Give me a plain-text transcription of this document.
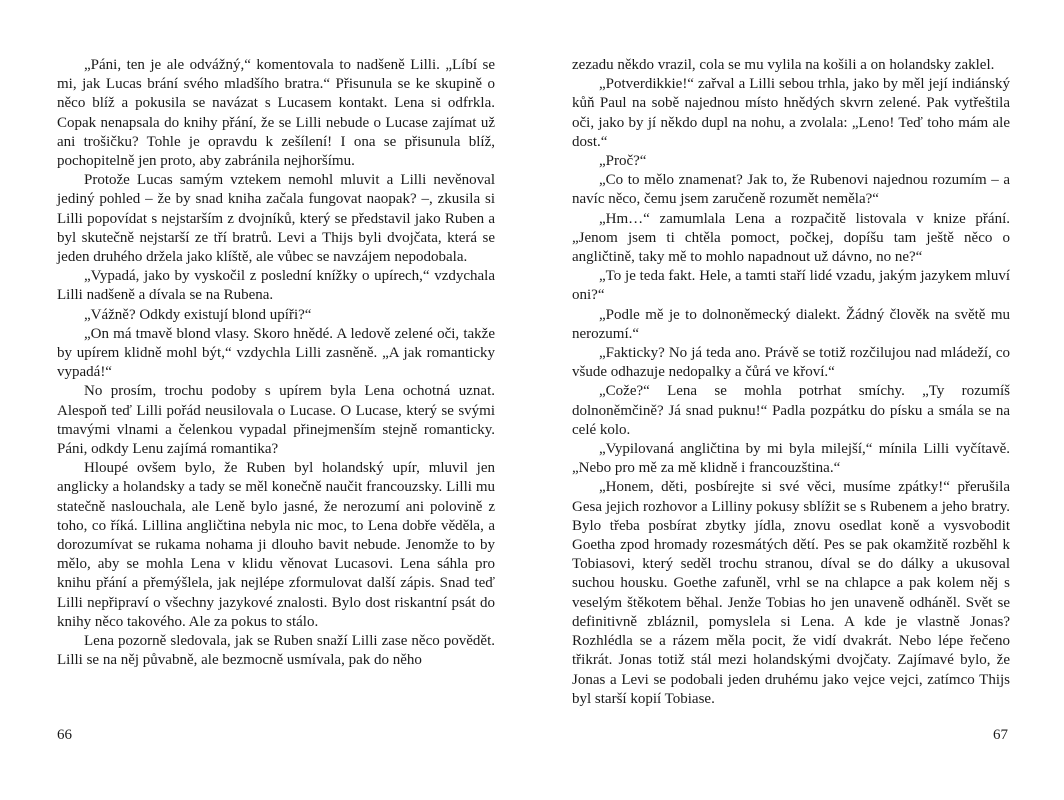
„Páni, ten je ale odvážný,“ komentovala to nadšeně Lilli. „Líbí se mi, jak Lucas brání svého mladšího bratra.“ Přisunula se ke skupině o něco blíž a pokusila se navázat s Lucasem kontakt. Lena si odfrkla. Copak nenapsala do knihy přání, že se Lilli nebude o Lucase zajímat už ani trošičku? Tohle je opravdu k zešílení! I ona se přisunula blíž, pochopitelně jen proto, aby zabránila nejhoršímu.

Protože Lucas samým vztekem nemohl mluvit a Lilli nevěnoval jediný pohled – že by snad kniha začala fungovat naopak? –, zkusila si Lilli popovídat s nejstarším z dvojníků, který se představil jako Ruben a byl skutečně nejstarší ze tří bratrů. Levi a Thijs byli dvojčata, která se jeden druhého držela jako klíště, ale vůbec se navzájem nepodobala.

„Vypadá, jako by vyskočil z poslední knížky o upírech,“ vzdychala Lilli nadšeně a dívala se na Rubena.

„Vážně? Odkdy existují blond upíři?“

„On má tmavě blond vlasy. Skoro hnědé. A ledově zelené oči, takže by upírem klidně mohl být,“ vzdychla Lilli zasněně. „A jak romanticky vypadá!“

No prosím, trochu podoby s upírem byla Lena ochotná uznat. Alespoň teď Lilli pořád neusilovala o Lucase. O Lucase, který se svými tmavými vlnami a čelenkou vypadal přinejmenším stejně romanticky. Páni, odkdy Lenu zajímá romantika?

Hloupé ovšem bylo, že Ruben byl holandský upír, mluvil jen anglicky a holandsky a tady se měl konečně naučit francouzsky. Lilli mu statečně naslouchala, ale Leně bylo jasné, že nerozumí ani polovině z toho, co říká. Lillina angličtina nebyla nic moc, to Lena dobře věděla, a dorozumívat se rukama nohama ji dlouho bavit nebude. Jenomže to by mělo, aby se mohla Lena v klidu věnovat Lucasovi. Lena sáhla pro knihu přání a přemýšlela, jak nejlépe zformulovat další zápis. Snad teď Lilli nepřipraví o všechny jazykové znalosti. Bylo dost riskantní psát do knihy něco takového. Ale za pokus to stálo.

Lena pozorně sledovala, jak se Ruben snaží Lilli zase něco povědět. Lilli se na něj půvabně, ale bezmocně usmívala, pak do něho

66

zezadu někdo vrazil, cola se mu vylila na košili a on holandsky zaklel.

„Potverdikkie!“ zařval a Lilli sebou trhla, jako by měl její indiánský kůň Paul na sobě najednou místo hnědých skvrn zelené. Pak vytřeštila oči, jako by jí někdo dupl na nohu, a zvolala: „Leno! Teď toho mám ale dost.“

„Proč?“

„Co to mělo znamenat? Jak to, že Rubenovi najednou rozumím – a navíc něco, čemu jsem zaručeně rozumět neměla?“

„Hm…“ zamumlala Lena a rozpačitě listovala v knize přání. „Jenom jsem ti chtěla pomoct, počkej, dopíšu tam ještě něco o angličtině, taky mě to mohlo napadnout už dávno, no ne?“

„To je teda fakt. Hele, a tamti staří lidé vzadu, jakým jazykem mluví oni?“

„Podle mě je to dolnoněmecký dialekt. Žádný člověk na světě mu nerozumí.“

„Fakticky? No já teda ano. Právě se totiž rozčilujou nad mládeží, co všude odhazuje nedopalky a čůrá ve křoví.“

„Cože?“ Lena se mohla potrhat smíchy. „Ty rozumíš dolnoněmčině? Já snad puknu!“ Padla pozpátku do písku a smála se na celé kolo.

„Vypilovaná angličtina by mi byla milejší,“ mínila Lilli vyčítavě. „Nebo pro mě za mě klidně i francouzština.“

„Honem, děti, posbírejte si své věci, musíme zpátky!“ přerušila Gesa jejich rozhovor a Lilliny pokusy sblížit se s Rubenem a jeho bratry. Bylo třeba posbírat zbytky jídla, znovu osedlat koně a vysvobodit Goetha zpod hromady rozesmátých dětí. Pes se pak okamžitě rozběhl k Tobiasovi, který seděl trochu stranou, díval se do dálky a ukusoval suchou housku. Goethe zafuněl, vrhl se na chlapce a pak kolem něj s veselým štěkotem běhal. Jenže Tobias ho jen unaveně odháněl. Svět se definitivně zbláznil, pomyslela si Lena. A kde je vlastně Jonas? Rozhlédla se a rázem měla pocit, že vidí dvakrát. Nebo lépe řečeno třikrát. Jonas totiž stál mezi holandskými dvojčaty. Zajímavé bylo, že Jonas a Levi se podobali jeden druhému jako vejce vejci, zatímco Thijs byl starší kopií Tobiase.

67
